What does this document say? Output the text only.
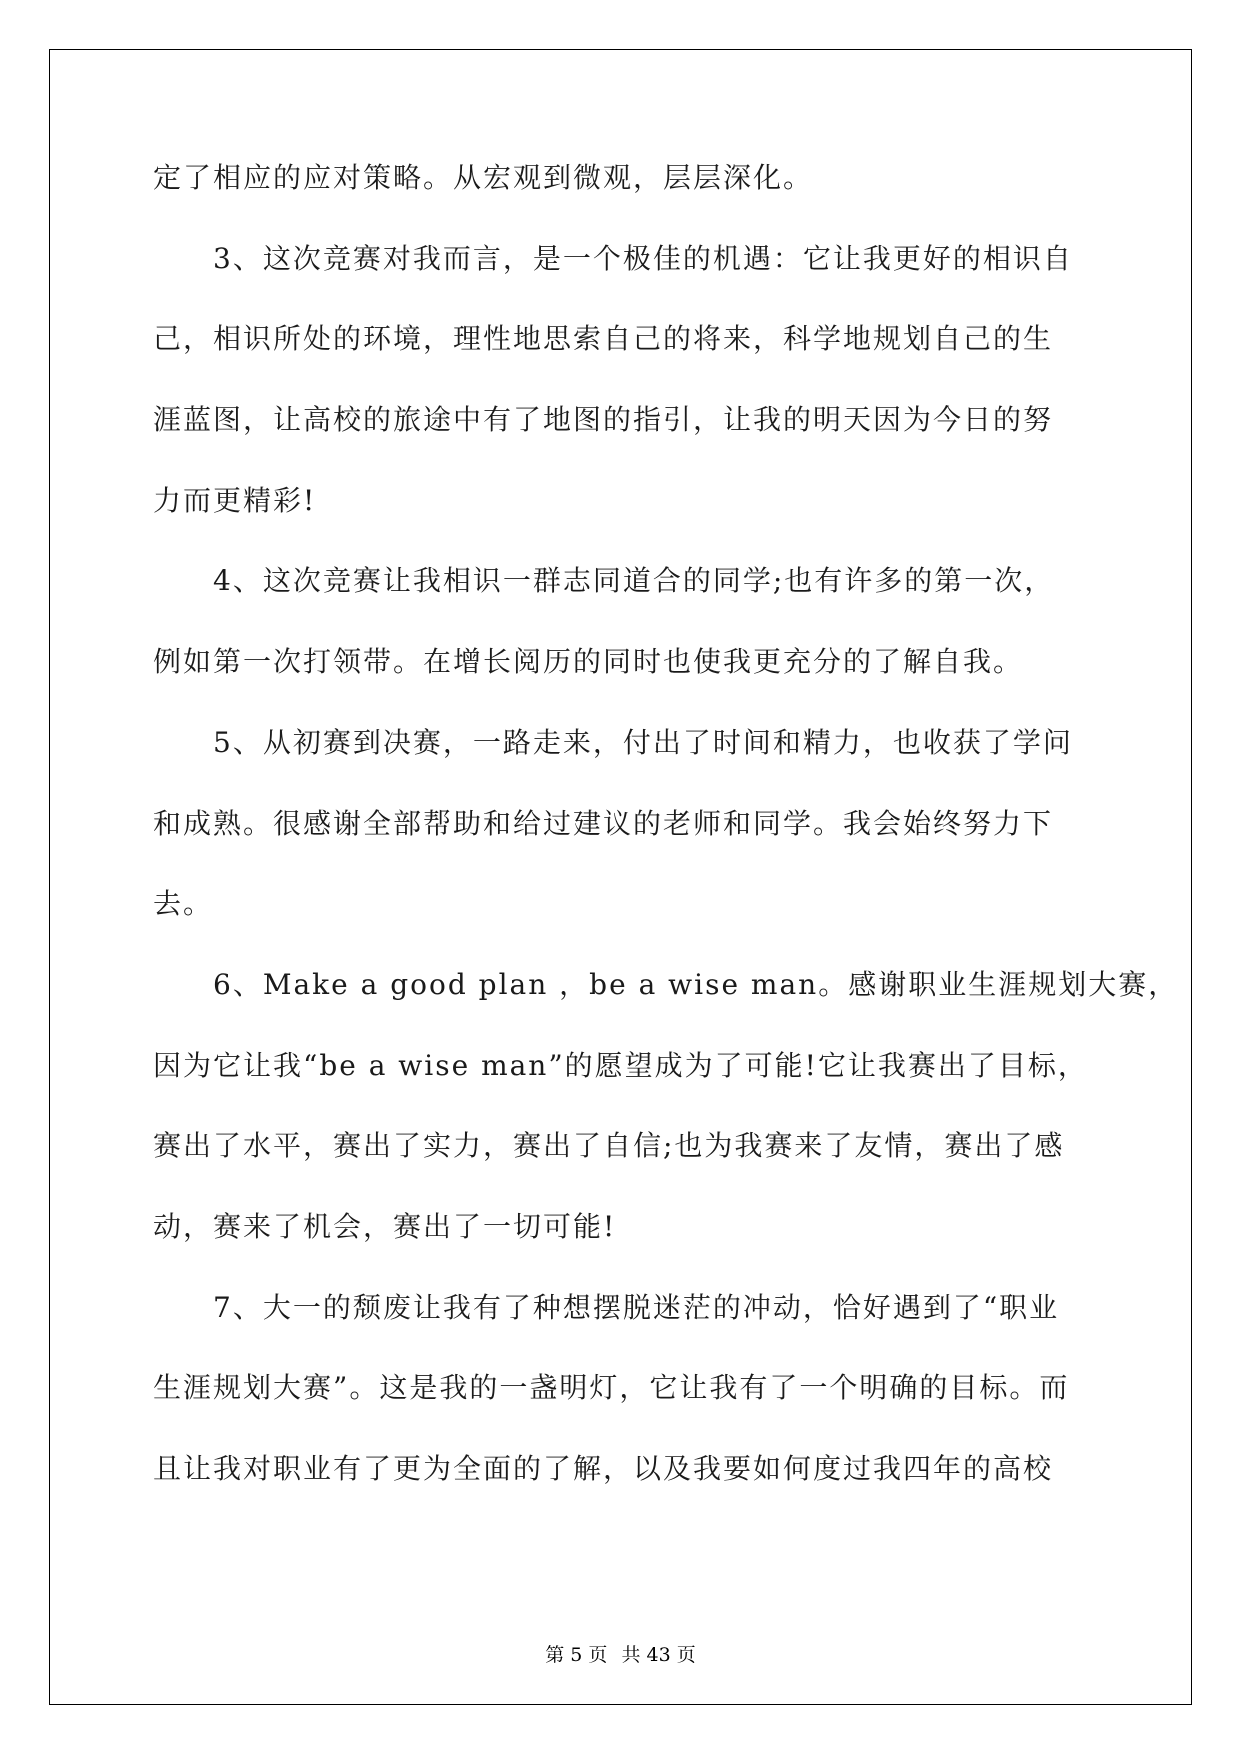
定了相应的应对策略。从宏观到微观，层层深化。
3、这次竞赛对我而言，是一个极佳的机遇：它让我更好的相识自
己，相识所处的环境，理性地思索自己的将来，科学地规划自己的生
涯蓝图，让高校的旅途中有了地图的指引，让我的明天因为今日的努
力而更精彩!
4、这次竞赛让我相识一群志同道合的同学;也有许多的第一次，
例如第一次打领带。在增长阅历的同时也使我更充分的了解自我。
5、从初赛到决赛，一路走来，付出了时间和精力，也收获了学问
和成熟。很感谢全部帮助和给过建议的老师和同学。我会始终努力下
去。
6、Make a good plan ，be a wise man。感谢职业生涯规划大赛，
因为它让我“be a wise man”的愿望成为了可能!它让我赛出了目标，
赛出了水平，赛出了实力，赛出了自信;也为我赛来了友情，赛出了感
动，赛来了机会，赛出了一切可能!
7、大一的颓废让我有了种想摆脱迷茫的冲动，恰好遇到了“职业
生涯规划大赛”。这是我的一盏明灯，它让我有了一个明确的目标。而
且让我对职业有了更为全面的了解，以及我要如何度过我四年的高校
第 5 页 共 43 页
